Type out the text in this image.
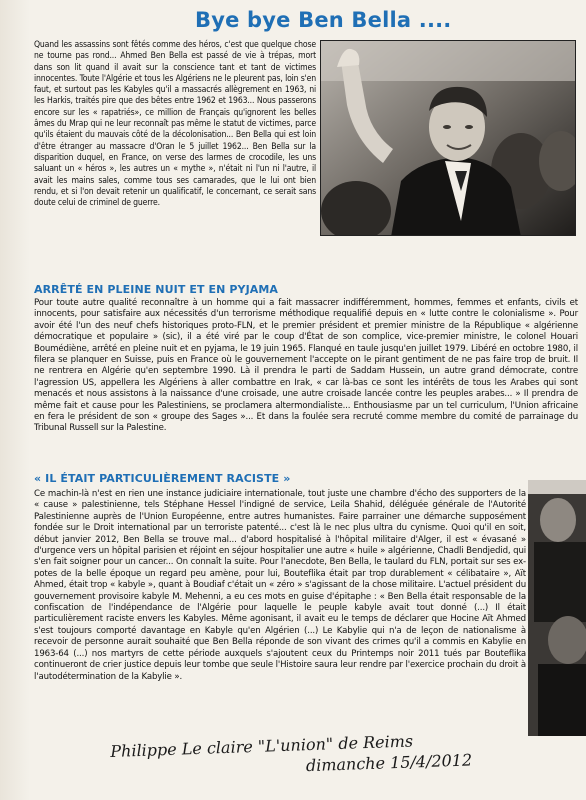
Bye bye Ben Bella ....
Quand les assassins sont fêtés comme des héros, c'est que quelque chose ne tourne pas rond... Ahmed Ben Bella est passé de vie à trépas, mort dans son lit quand il avait sur la conscience tant et tant de victimes innocentes. Toute l'Algérie et tous les Algériens ne le pleurent pas, loin s'en faut, et surtout pas les Kabyles qu'il a massacrés allègrement en 1963, ni les Harkis, traités pire que des bêtes entre 1962 et 1963... Nous passerons encore sur les « rapatriés», ce million de Français qu'ignorent les belles âmes du Mrap qui ne leur reconnaît pas même le statut de victimes, parce qu'ils étaient du mauvais côté de la décolonisation... Ben Bella qui est loin d'être étranger au massacre d'Oran le 5 juillet 1962... Ben Bella sur la disparition duquel, en France, on verse des larmes de crocodile, les uns saluant un « héros », les autres un « mythe », n'était ni l'un ni l'autre, il avait les mains sales, comme tous ses camarades, que le lui ont bien rendu, et si l'on devait retenir un qualificatif, le concernant, ce serait sans doute celui de criminel de guerre.
ARRÊTÉ EN PLEINE NUIT ET EN PYJAMA
Pour toute autre qualité reconnaître à un homme qui a fait massacrer indifféremment, hommes, femmes et enfants, civils et innocents, pour satisfaire aux nécessités d'un terrorisme méthodique requalifié depuis en « lutte contre le colonialisme ». Pour avoir été l'un des neuf chefs historiques proto-FLN, et le premier président et premier ministre de la République « algérienne démocratique et populaire » (sic), il a été viré par le coup d'État de son complice, vice-premier ministre, le colonel Houari Boumédiène, arrêté en pleine nuit et en pyjama, le 19 juin 1965. Flanqué en taule jusqu'en juillet 1979. Libéré en octobre 1980, il filera se planquer en Suisse, puis en France où le gouvernement l'accepte on le pirant gentiment de ne pas faire trop de bruit. Il ne rentrera en Algérie qu'en septembre 1990. Là il prendra le parti de Saddam Hussein, un autre grand démocrate, contre l'agression US, appellera les Algériens à aller combattre en Irak, « car là-bas ce sont les intérêts de tous les Arabes qui sont menacés et nous assistons à la naissance d'une croisade, une autre croisade lancée contre les peuples arabes... » Il prendra de même fait et cause pour les Palestiniens, se proclamera altermondialiste... Enthousiasme par un tel curriculum, l'Union africaine en fera le président de son « groupe des Sages »... Et dans la foulée sera recruté comme membre du comité de parrainage du Tribunal Russell sur la Palestine.
« IL ÉTAIT PARTICULIÈREMENT RACISTE »
Ce machin-là n'est en rien une instance judiciaire internationale, tout juste une chambre d'écho des supporters de la « cause » palestinienne, tels Stéphane Hessel l'indigné de service, Leila Shahid, déléguée générale de l'Autorité Palestinienne auprès de l'Union Européenne, entre autres humanistes. Faire parrainer une démarche supposément fondée sur le Droit international par un terroriste patenté... c'est là le nec plus ultra du cynisme. Quoi qu'il en soit, début janvier 2012, Ben Bella se trouve mal... d'abord hospitalisé à l'hôpital militaire d'Alger, il est « évasané » d'urgence vers un hôpital parisien et réjoint en séjour hospitalier une autre « huile » algérienne, Chadli Bendjedid, qui s'en fait soigner pour un cancer... On connaît la suite. Pour l'anecdote, Ben Bella, le taulard du FLN, portait sur ses ex-potes de la belle époque un regard peu amène, pour lui, Bouteflika était par trop durablement « célibataire », Aït Ahmed, était trop « kabyle », quant à Boudiaf c'était un « zéro » s'agissant de la chose militaire. L'actuel président du gouvernement provisoire kabyle M. Mehenni, a eu ces mots en guise d'épitaphe : « Ben Bella était responsable de la confiscation de l'indépendance de l'Algérie pour laquelle le peuple kabyle avait tout donné (...) Il était particulièrement raciste envers les Kabyles. Même agonisant, il avait eu le temps de déclarer que Hocine Aït Ahmed s'est toujours comporté davantage en Kabyle qu'en Algérien (...) Le Kabylie qui n'a de leçon de nationalisme à recevoir de personne aurait souhaité que Ben Bella réponde de son vivant des crimes qu'il a commis en Kabylie en 1963-64 (...) nos martyrs de cette période auxquels s'ajoutent ceux du Printemps noir 2011 tués par Bouteflika continueront de crier justice depuis leur tombe que seule l'Histoire saura leur rendre par l'exercice prochain du droit à l'autodétermination de la Kabylie ».
Philippe Le claire "L'union" de Reims
dimanche 15/4/2012
